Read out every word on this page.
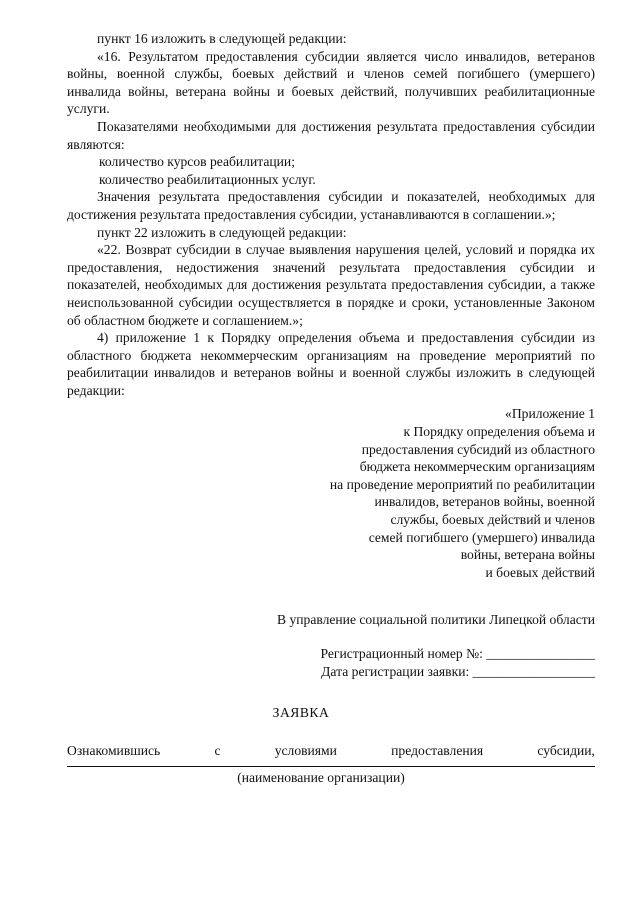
пункт 16 изложить в следующей редакции:

«16. Результатом предоставления субсидии является число инвалидов, ветеранов войны, военной службы, боевых действий и членов семей погибшего (умершего) инвалида войны, ветерана войны и боевых действий, получивших реабилитационные услуги.

Показателями необходимыми для достижения результата предоставления субсидии являются:

количество курсов реабилитации;

количество реабилитационных услуг.

Значения результата предоставления субсидии и показателей, необходимых для достижения результата предоставления субсидии, устанавливаются в соглашении.»;

пункт 22 изложить в следующей редакции:

«22. Возврат субсидии в случае выявления нарушения целей, условий и порядка их предоставления, недостижения значений результата предоставления субсидии и показателей, необходимых для достижения результата предоставления субсидии, а также неиспользованной субсидии осуществляется в порядке и сроки, установленные Законом об областном бюджете и соглашением.»;

4) приложение 1 к Порядку определения объема и предоставления субсидии из областного бюджета некоммерческим организациям на проведение мероприятий по реабилитации инвалидов и ветеранов войны и военной службы изложить в следующей редакции:

«Приложение 1
к Порядку определения объема и
предоставления субсидий из областного
бюджета некоммерческим организациям
на проведение мероприятий по реабилитации
инвалидов, ветеранов войны, военной
службы, боевых действий и членов
семей погибшего (умершего) инвалида
войны, ветерана войны
и боевых действий
В управление социальной политики Липецкой области
Регистрационный номер №: ________________
Дата регистрации заявки: __________________
ЗАЯВКА
Ознакомившись	с	условиями	предоставления	субсидии,
(наименование организации)
